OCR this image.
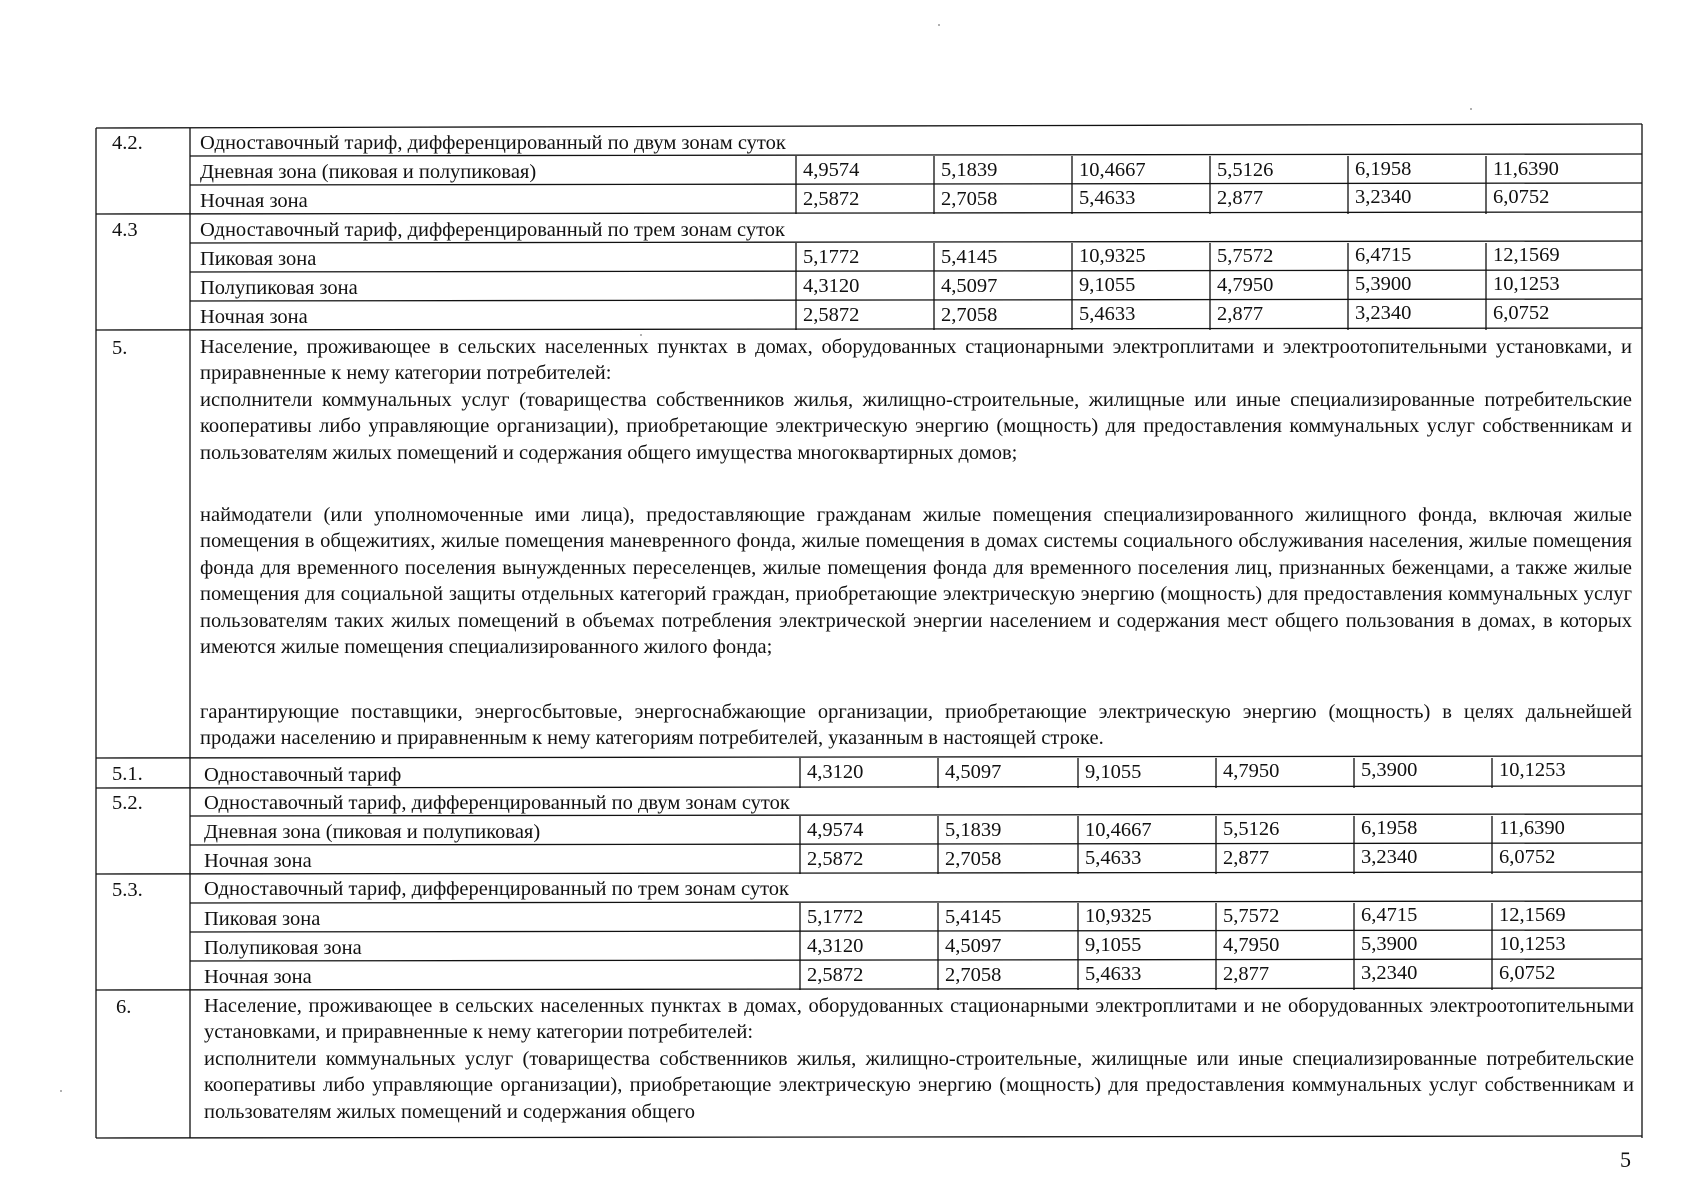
4.2.	Одноставочный тариф, дифференцированный по двум зонам суток
Дневная зона (пиковая и полупиковая)	4,9574	5,1839	10,4667	5,5126	6,1958	11,6390
Ночная зона	2,5872	2,7058	5,4633	2,877	3,2340	6,0752
4.3	Одноставочный тариф, дифференцированный по трем зонам суток
Пиковая зона	5,1772	5,4145	10,9325	5,7572	6,4715	12,1569
Полупиковая зона	4,3120	4,5097	9,1055	4,7950	5,3900	10,1253
Ночная зона	2,5872	2,7058	5,4633	2,877	3,2340	6,0752
5.	Население, проживающее в сельских населенных пунктах в домах, оборудованных стационарными электроплитами и электроотопительными установками, и приравненные к нему категории потребителей:
исполнители коммунальных услуг (товарищества собственников жилья, жилищно-строительные, жилищные или иные специализированные потребительские кооперативы либо управляющие организации), приобретающие электрическую энергию (мощность) для предоставления коммунальных услуг собственникам и пользователям жилых помещений и содержания общего имущества многоквартирных домов;
наймодатели (или уполномоченные ими лица), предоставляющие гражданам жилые помещения специализированного жилищного фонда, включая жилые помещения в общежитиях, жилые помещения маневренного фонда, жилые помещения в домах системы социального обслуживания населения, жилые помещения фонда для временного поселения вынужденных переселенцев, жилые помещения фонда для временного поселения лиц, признанных беженцами, а также жилые помещения для социальной защиты отдельных категорий граждан, приобретающие электрическую энергию (мощность) для предоставления коммунальных услуг пользователям таких жилых помещений в объемах потребления электрической энергии населением и содержания мест общего пользования в домах, в которых имеются жилые помещения специализированного жилого фонда;
гарантирующие поставщики, энергосбытовые, энергоснабжающие организации, приобретающие электрическую энергию (мощность) в целях дальнейшей продажи населению и приравненным к нему категориям потребителей, указанным в настоящей строке.
5.1.	Одноставочный тариф	4,3120	4,5097	9,1055	4,7950	5,3900	10,1253
5.2.	Одноставочный тариф, дифференцированный по двум зонам суток
Дневная зона (пиковая и полупиковая)	4,9574	5,1839	10,4667	5,5126	6,1958	11,6390
Ночная зона	2,5872	2,7058	5,4633	2,877	3,2340	6,0752
5.3.	Одноставочный тариф, дифференцированный по трем зонам суток
Пиковая зона	5,1772	5,4145	10,9325	5,7572	6,4715	12,1569
Полупиковая зона	4,3120	4,5097	9,1055	4,7950	5,3900	10,1253
Ночная зона	2,5872	2,7058	5,4633	2,877	3,2340	6,0752
6.	Население, проживающее в сельских населенных пунктах в домах, оборудованных стационарными электроплитами и не оборудованных электроотопительными установками, и приравненные к нему категории потребителей:
исполнители коммунальных услуг (товарищества собственников жилья, жилищно-строительные, жилищные или иные специализированные потребительские кооперативы либо управляющие организации), приобретающие электрическую энергию (мощность) для предоставления коммунальных услуг собственникам и пользователям жилых помещений и содержания общего
5
